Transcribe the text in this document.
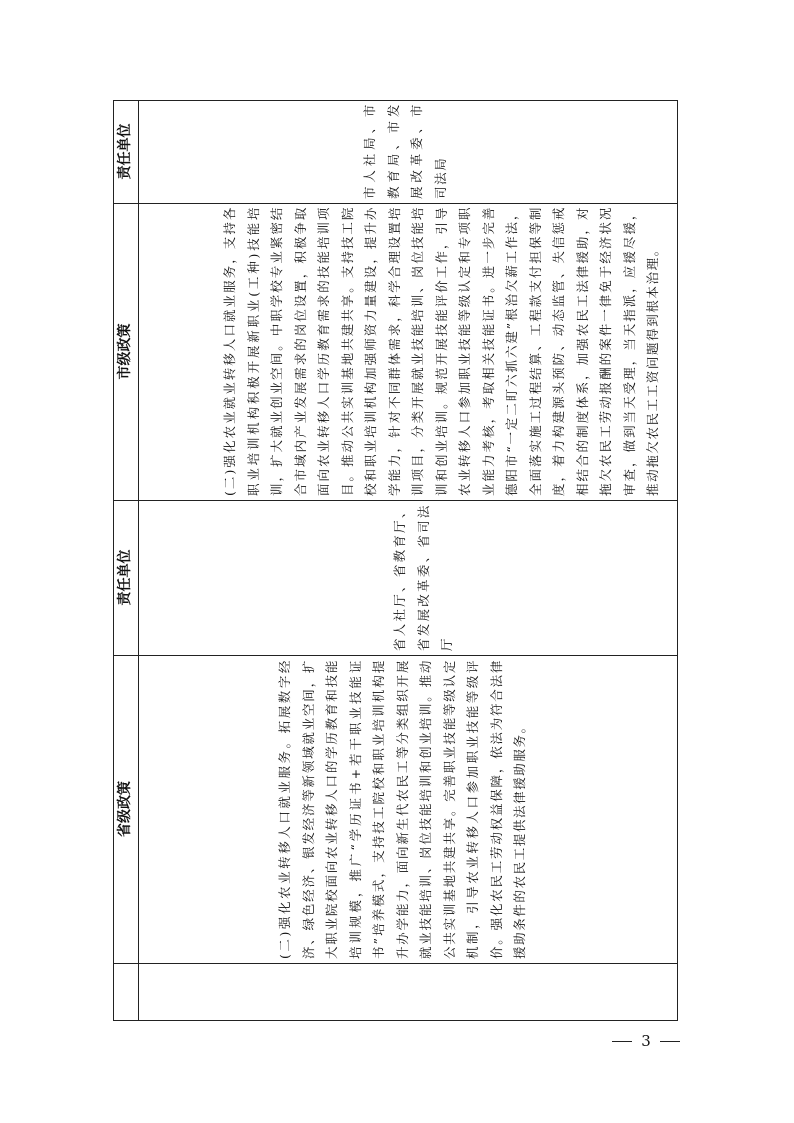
省级政策
责任单位
市级政策
责任单位
(二)强化农业转移人口就业服务。拓展数字经济、绿色经济、银发经济等新领域就业空间，扩大职业院校面向农业转移人口的学历教育和技能培训规模，推广“学历证书+若干职业技能证书”培养模式，支持技工院校和职业培训机构提升办学能力，面向新生代农民工等分类组织开展就业技能培训、岗位技能培训和创业培训。推动公共实训基地共建共享。完善职业技能等级认定机制，引导农业转移人口参加职业技能等级评价。强化农民工劳动权益保障，依法为符合法律援助条件的农民工提供法律援助服务。
省人社厅、省教育厅、省发展改革委、省司法厅
(二)强化农业就业转移人口就业服务，支持各职业培训机构积极开展新职业(工种)技能培训，扩大就业创业空间。中职学校专业紧密结合市域内产业发展需求的岗位设置，积极争取面向农业转移人口学历教育需求的技能培训项目。推动公共实训基地共建共享。支持技工院校和职业培训机构加强师资力量建设，提升办学能力，针对不同群体需求，科学合理设置培训项目，分类开展就业技能培训、岗位技能培训和创业培训。规范开展技能评价工作，引导农业转移人口参加职业技能等级认定和专项职业能力考核，考取相关技能证书。进一步完善德阳市“一定二盯六抓六建”根治欠薪工作法，全面落实施工过程结算、工程款支付担保等制度，着力构建源头预防、动态监管、失信惩戒相结合的制度体系，加强农民工法律援助，对拖欠农民工劳动报酬的案件一律免于经济状况审查，做到当天受理，当天指派，应援尽援，推动拖欠农民工工资问题得到根本治理。
市人社局、市教育局、市发展改革委、市司法局
3
